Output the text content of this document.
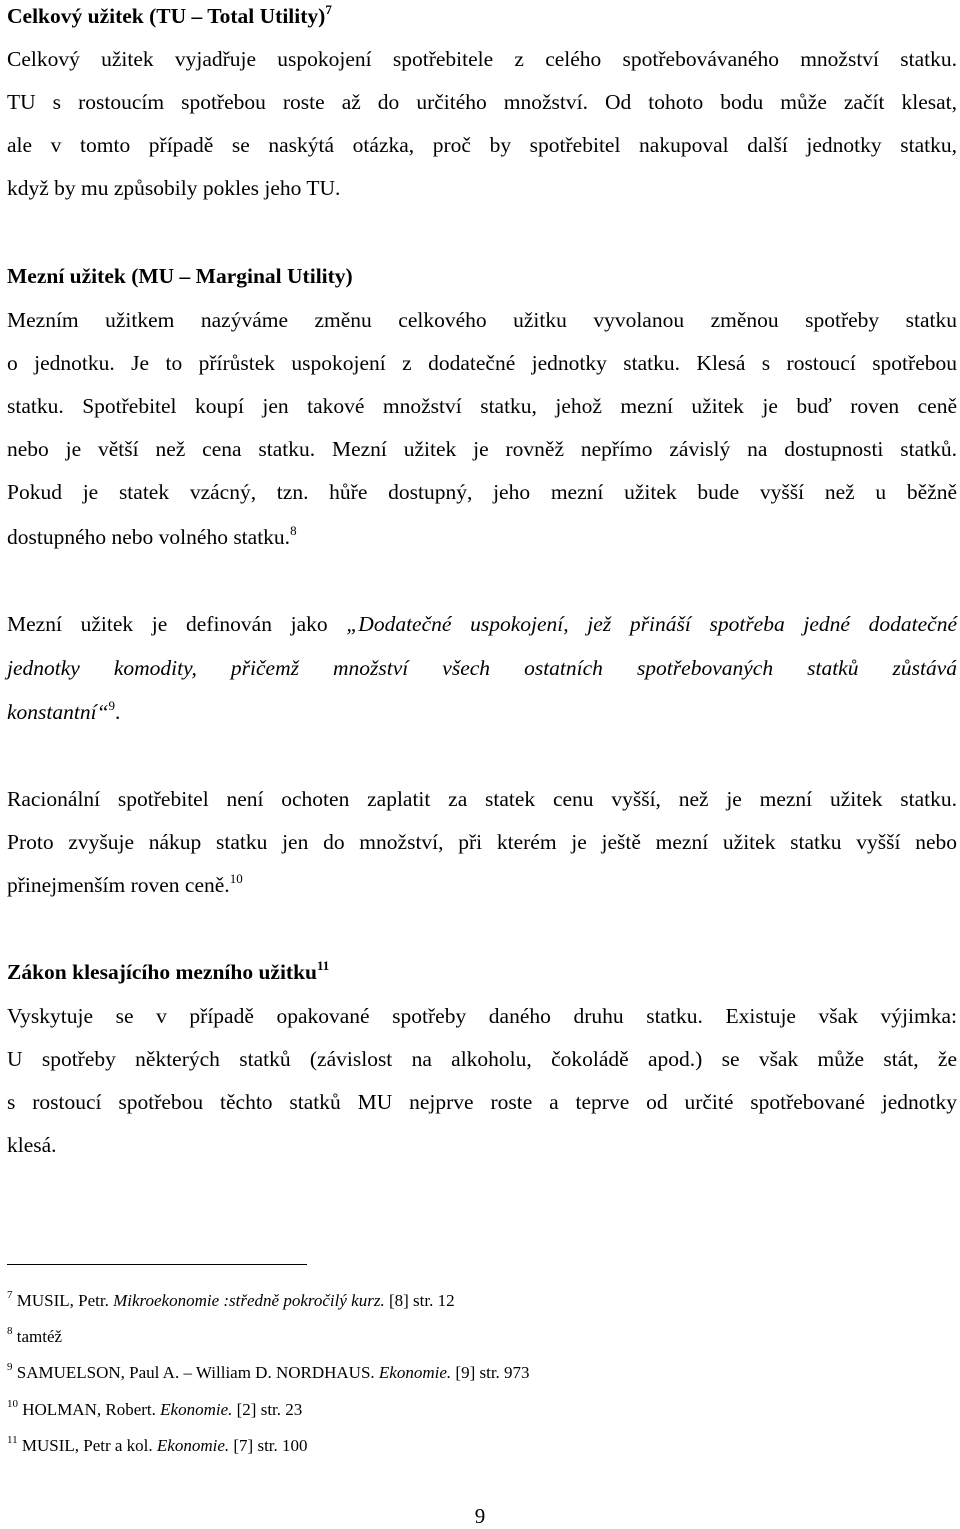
Celkový užitek (TU – Total Utility)$^7$
Celkový užitek vyjadřuje uspokojení spotřebitele z celého spotřebovávaného množství statku.
TU s rostoucím spotřebou roste až do určitého množství. Od tohoto bodu může začít klesat,
ale v tomto případě se naskýtá otázka, proč by spotřebitel nakupoval další jednotky statku,
když by mu způsobily pokles jeho TU.
Mezní užitek (MU – Marginal Utility)
Mezním užitkem nazýváme změnu celkového užitku vyvolanou změnou spotřeby statku
o jednotku. Je to přírůstek uspokojení z dodatečné jednotky statku. Klesá s rostoucí spotřebou
statku. Spotřebitel koupí jen takové množství statku, jehož mezní užitek je buď roven ceně
nebo je větší než cena statku. Mezní užitek je rovněž nepřímo závislý na dostupnosti statků.
Pokud je statek vzácný, tzn. hůře dostupný, jeho mezní užitek bude vyšší než u běžně
dostupného nebo volného statku.$^8$
Mezní užitek je definován jako „Dodatečné uspokojení, jež přináší spotřeba jedné dodatečné
jednotky komodity, přičemž množství všech ostatních spotřebovaných statků zůstává
konstantní“$^9$.
Racionální spotřebitel není ochoten zaplatit za statek cenu vyšší, než je mezní užitek statku.
Proto zvyšuje nákup statku jen do množství, při kterém je ještě mezní užitek statku vyšší nebo
přinejmenším roven ceně.$^{10}$
Zákon klesajícího mezního užitku$^{11}$
Vyskytuje se v případě opakované spotřeby daného druhu statku. Existuje však výjimka:
U spotřeby některých statků (závislost na alkoholu, čokoládě apod.) se však může stát, že
s rostoucí spotřebou těchto statků MU nejprve roste a teprve od určité spotřebované jednotky
klesá.
$^7$ MUSIL, Petr. Mikroekonomie :středně pokročilý kurz. [8] str. 12
$^8$ tamtéž
$^9$ SAMUELSON, Paul A. – William D. NORDHAUS. Ekonomie. [9] str. 973
$^{10}$ HOLMAN, Robert. Ekonomie. [2] str. 23
$^{11}$ MUSIL, Petr a kol. Ekonomie. [7] str. 100
9
